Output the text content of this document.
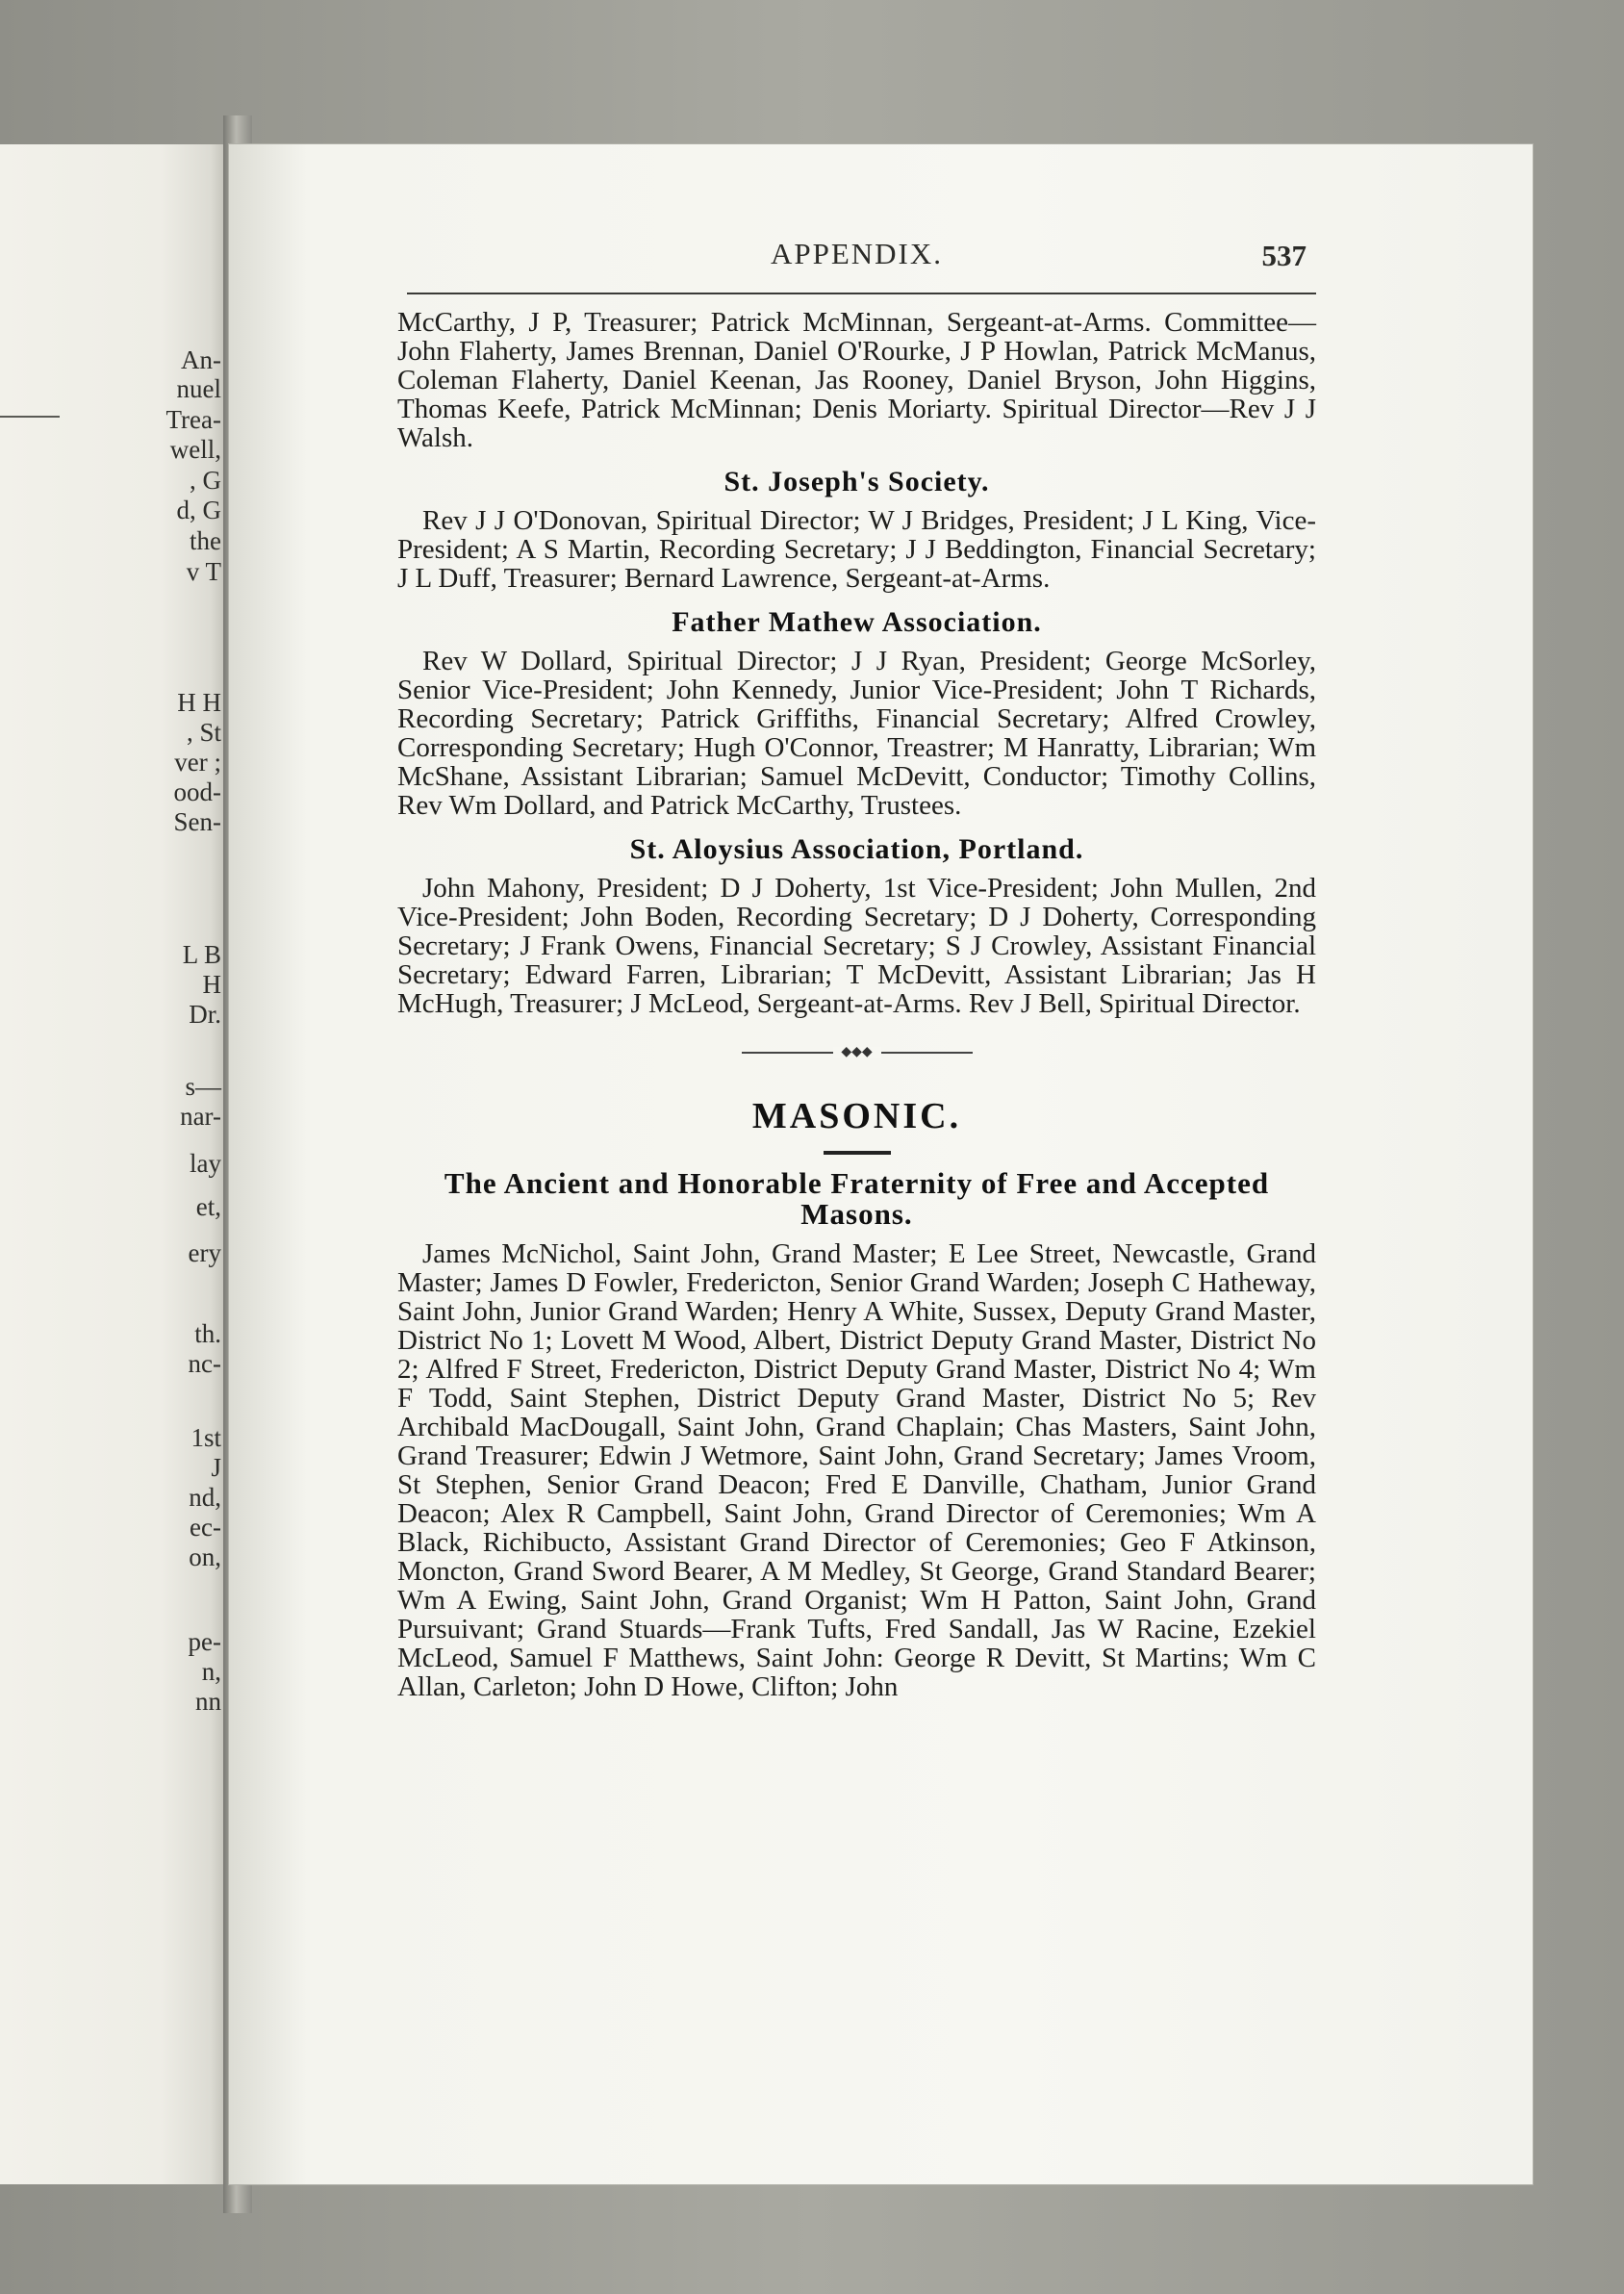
An-
nuel
Trea-
well,
, G
d, G
the
v T
H H
, St
ver ;
ood-
Sen-
L B
H
Dr.
s—
nar-
lay
et,
ery
th.
nc-
1st
J
nd,
ec-
on,
pe-
n,
nn
APPENDIX.	537

McCarthy, J P, Treasurer; Patrick McMinnan, Sergeant-at-Arms. Committee—John Flaherty, James Brennan, Daniel O'Rourke, J P Howlan, Patrick McManus, Coleman Flaherty, Daniel Keenan, Jas Rooney, Daniel Bryson, John Higgins, Thomas Keefe, Patrick McMinnan; Denis Moriarty. Spiritual Director—Rev J J Walsh.

St. Joseph's Society.

Rev J J O'Donovan, Spiritual Director; W J Bridges, President; J L King, Vice-President; A S Martin, Recording Secretary; J J Beddington, Financial Secretary; J L Duff, Treasurer; Bernard Lawrence, Sergeant-at-Arms.

Father Mathew Association.

Rev W Dollard, Spiritual Director; J J Ryan, President; George McSorley, Senior Vice-President; John Kennedy, Junior Vice-President; John T Richards, Recording Secretary; Patrick Griffiths, Financial Secretary; Alfred Crowley, Corresponding Secretary; Hugh O'Connor, Treastrer; M Hanratty, Librarian; Wm McShane, Assistant Librarian; Samuel McDevitt, Conductor; Timothy Collins, Rev Wm Dollard, and Patrick McCarthy, Trustees.

St. Aloysius Association, Portland.

John Mahony, President; D J Doherty, 1st Vice-President; John Mullen, 2nd Vice-President; John Boden, Recording Secretary; D J Doherty, Corresponding Secretary; J Frank Owens, Financial Secretary; S J Crowley, Assistant Financial Secretary; Edward Farren, Librarian; T McDevitt, Assistant Librarian; Jas H McHugh, Treasurer; J McLeod, Sergeant-at-Arms. Rev J Bell, Spiritual Director.

◆◆◆

MASONIC.

The Ancient and Honorable Fraternity of Free and Accepted Masons.

James McNichol, Saint John, Grand Master; E Lee Street, Newcastle, Grand Master; James D Fowler, Fredericton, Senior Grand Warden; Joseph C Hatheway, Saint John, Junior Grand Warden; Henry A White, Sussex, Deputy Grand Master, District No 1; Lovett M Wood, Albert, District Deputy Grand Master, District No 2; Alfred F Street, Fredericton, District Deputy Grand Master, District No 4; Wm F Todd, Saint Stephen, District Deputy Grand Master, District No 5; Rev Archibald MacDougall, Saint John, Grand Chaplain; Chas Masters, Saint John, Grand Treasurer; Edwin J Wetmore, Saint John, Grand Secretary; James Vroom, St Stephen, Senior Grand Deacon; Fred E Danville, Chatham, Junior Grand Deacon; Alex R Campbell, Saint John, Grand Director of Ceremonies; Wm A Black, Richibucto, Assistant Grand Director of Ceremonies; Geo F Atkinson, Moncton, Grand Sword Bearer, A M Medley, St George, Grand Standard Bearer; Wm A Ewing, Saint John, Grand Organist; Wm H Patton, Saint John, Grand Pursuivant; Grand Stuards—Frank Tufts, Fred Sandall, Jas W Racine, Ezekiel McLeod, Samuel F Matthews, Saint John: George R Devitt, St Martins; Wm C Allan, Carleton; John D Howe, Clifton; John
